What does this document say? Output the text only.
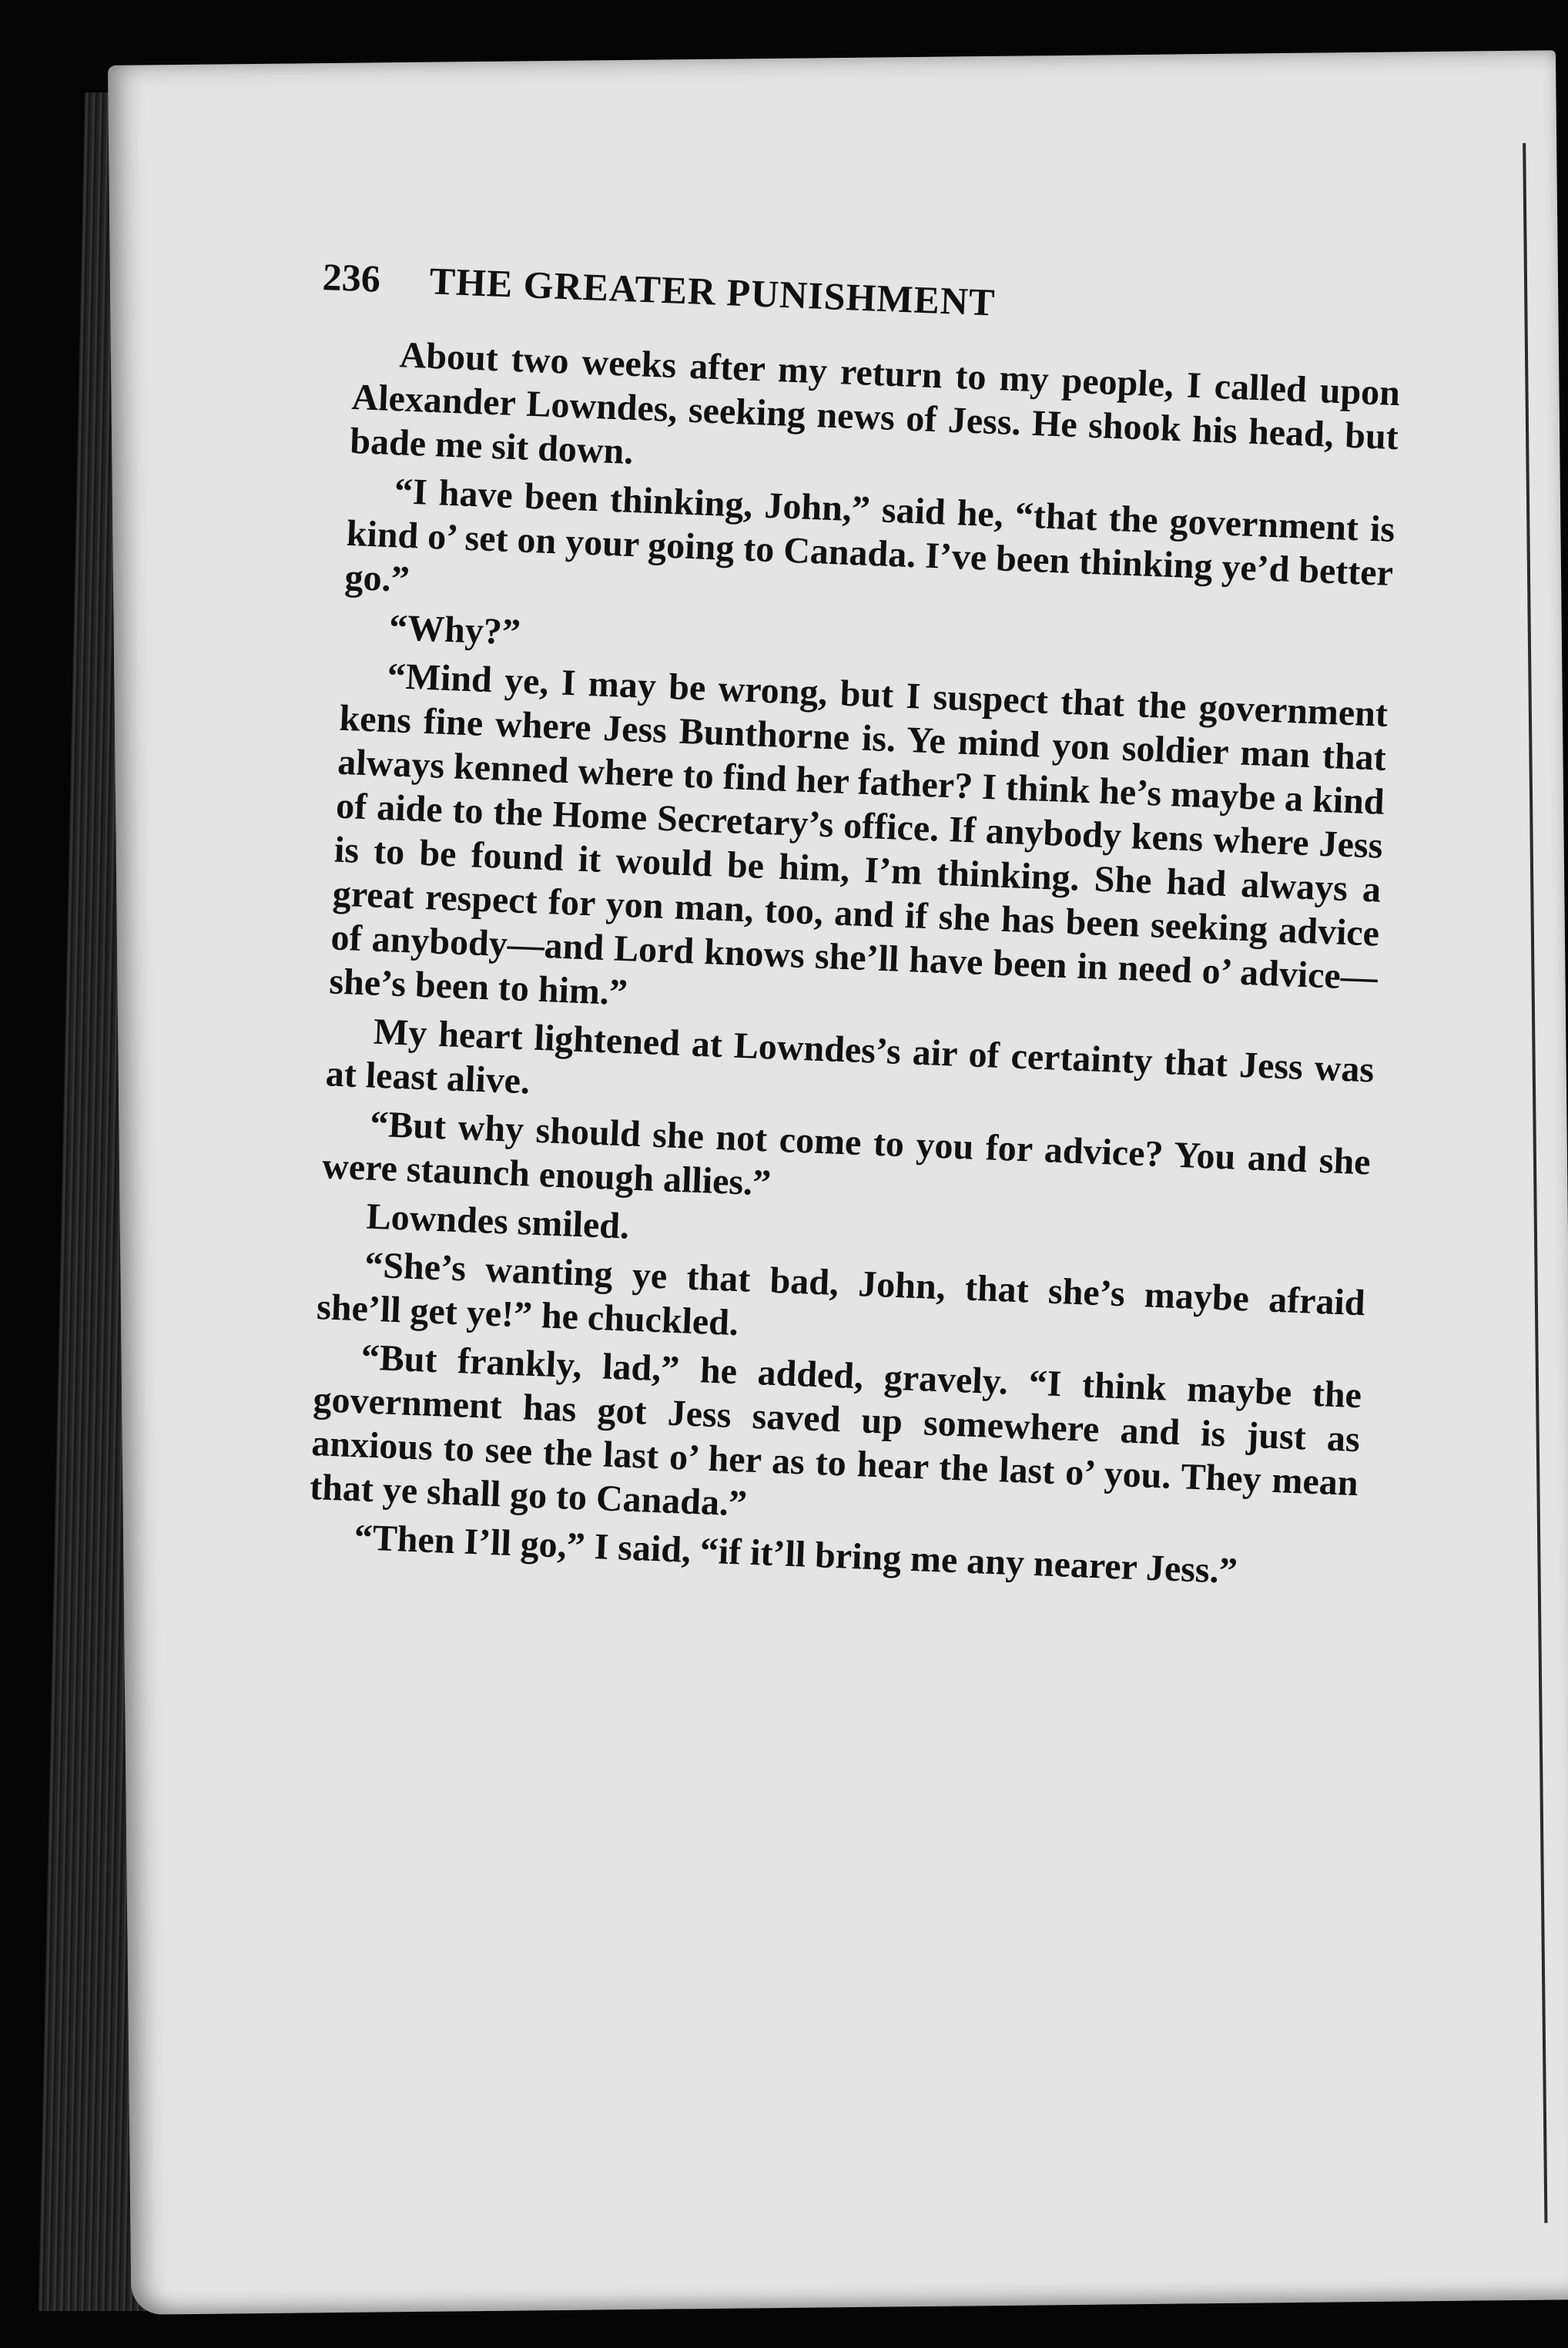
236 THE GREATER PUNISHMENT

About two weeks after my return to my people, I called upon Alexander Lowndes, seeking news of Jess. He shook his head, but bade me sit down.

“I have been thinking, John,” said he, “that the government is kind o’ set on your going to Canada. I’ve been thinking ye’d better go.”

“Why?”

“Mind ye, I may be wrong, but I suspect that the government kens fine where Jess Bunthorne is. Ye mind yon soldier man that always kenned where to find her father? I think he’s maybe a kind of aide to the Home Secretary’s office. If anybody kens where Jess is to be found it would be him, I’m thinking. She had always a great respect for yon man, too, and if she has been seeking advice of anybody—and Lord knows she’ll have been in need o’ advice—she’s been to him.”

My heart lightened at Lowndes’s air of certainty that Jess was at least alive.

“But why should she not come to you for advice? You and she were staunch enough allies.”

Lowndes smiled.

“She’s wanting ye that bad, John, that she’s maybe afraid she’ll get ye!” he chuckled.

“But frankly, lad,” he added, gravely. “I think maybe the government has got Jess saved up somewhere and is just as anxious to see the last o’ her as to hear the last o’ you. They mean that ye shall go to Canada.”

“Then I’ll go,” I said, “if it’ll bring me any nearer Jess.”
